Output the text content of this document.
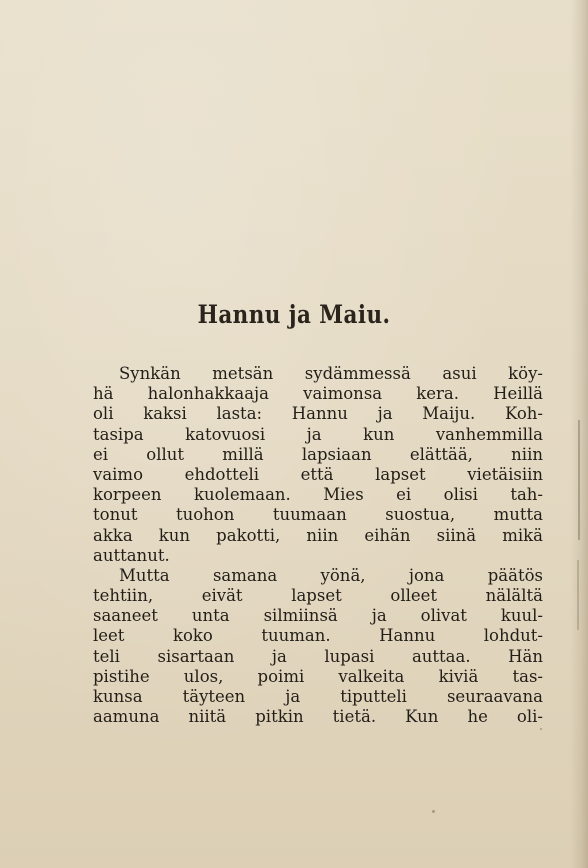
Hannu ja Maiu.
Synkän metsän sydämmessä asui köy-
hä halonhakkaaja vaimonsa kera. Heillä
oli kaksi lasta: Hannu ja Maiju. Koh-
tasipa katovuosi ja kun vanhemmilla
ei ollut millä lapsiaan elättää, niin
vaimo ehdotteli että lapset vietäisiin
korpeen kuolemaan. Mies ei olisi tah-
tonut tuohon tuumaan suostua, mutta
akka kun pakotti, niin eihän siinä mikä
auttanut.
Mutta samana yönä, jona päätös
tehtiin, eivät lapset olleet nälältä
saaneet unta silmiinsä ja olivat kuul-
leet koko tuuman. Hannu lohdut-
teli sisartaan ja lupasi auttaa. Hän
pistihe ulos, poimi valkeita kiviä tas-
kunsa täyteen ja tiputteli seuraavana
aamuna niitä pitkin tietä. Kun he oli-
